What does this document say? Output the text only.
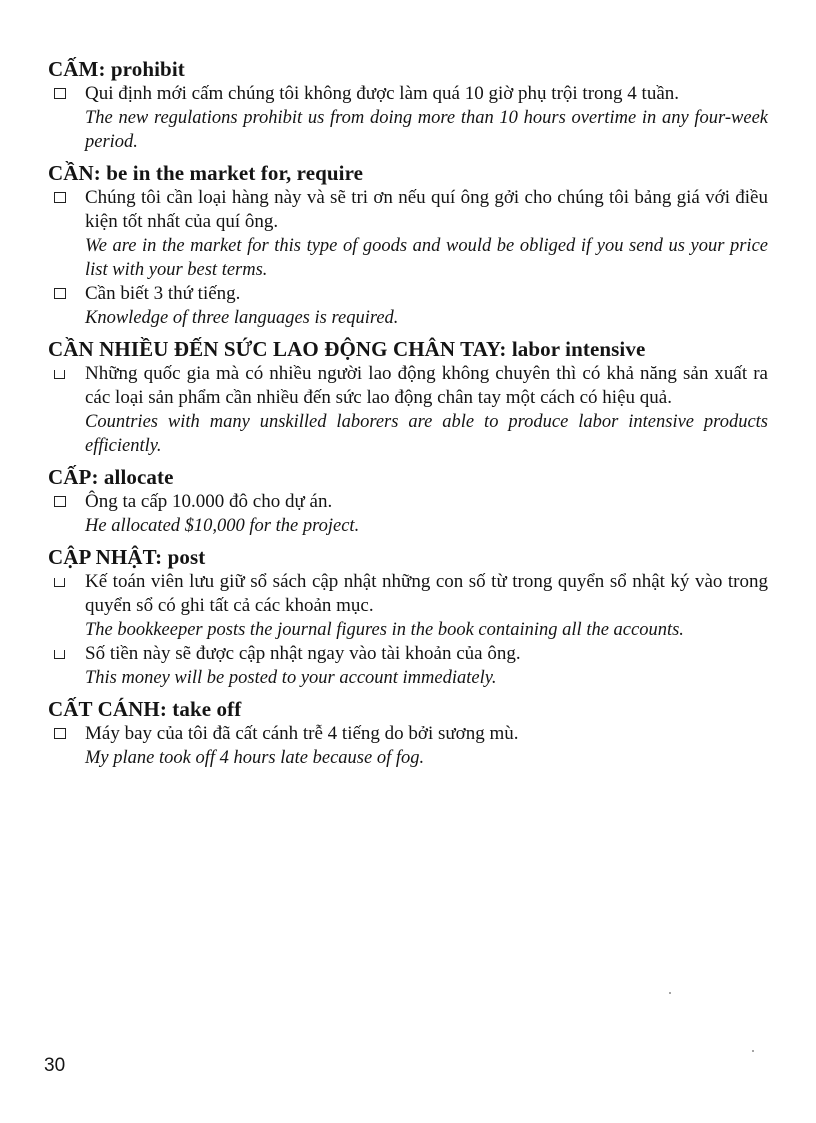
CẤM: prohibit

Qui định mới cấm chúng tôi không được làm quá 10 giờ phụ trội trong 4 tuần.

The new regulations prohibit us from doing more than 10 hours overtime in any four-week period.

CẦN: be in the market for, require

Chúng tôi cần loại hàng này và sẽ tri ơn nếu quí ông gởi cho chúng tôi bảng giá với điều kiện tốt nhất của quí ông.

We are in the market for this type of goods and would be obliged if you send us your price list with your best terms.

Cần biết 3 thứ tiếng.

Knowledge of three languages is required.

CẦN NHIỀU ĐẾN SỨC LAO ĐỘNG CHÂN TAY: labor intensive

Những quốc gia mà có nhiều người lao động không chuyên thì có khả năng sản xuất ra các loại sản phẩm cần nhiều đến sức lao động chân tay một cách có hiệu quả.

Countries with many unskilled laborers are able to produce labor intensive products efficiently.

CẤP: allocate

Ông ta cấp 10.000 đô cho dự án.

He allocated $10,000 for the project.

CẬP NHẬT: post

Kế toán viên lưu giữ sổ sách cập nhật những con số từ trong quyển sổ nhật ký vào trong quyển sổ có ghi tất cả các khoản mục.

The bookkeeper posts the journal figures in the book containing all the accounts.

Số tiền này sẽ được cập nhật ngay vào tài khoản của ông.

This money will be posted to your account immediately.

CẤT CÁNH: take off

Máy bay của tôi đã cất cánh trễ 4 tiếng do bởi sương mù.

My plane took off 4 hours late because of fog.

30
